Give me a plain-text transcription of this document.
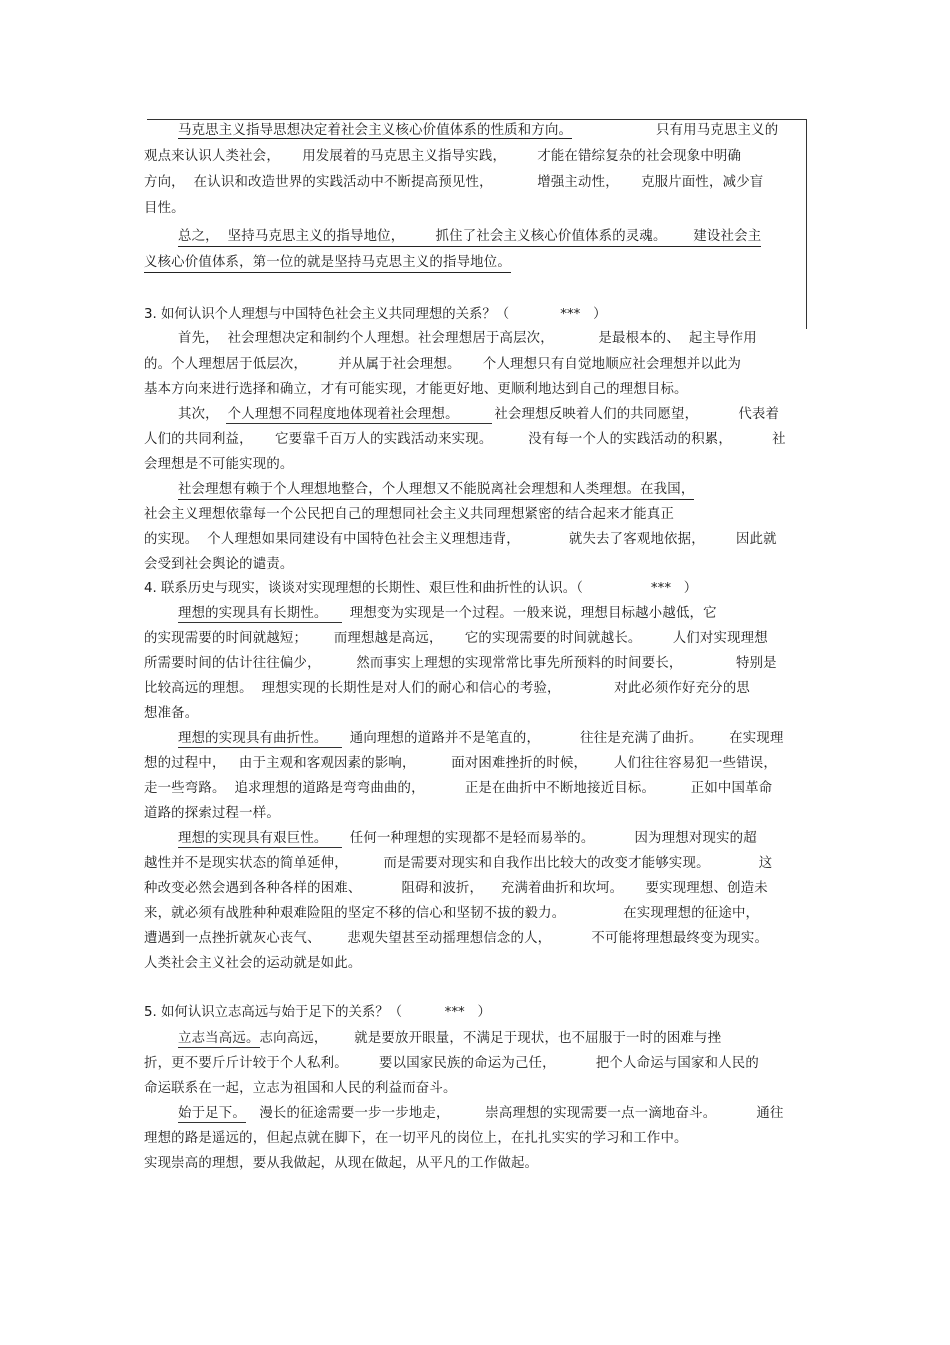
马克思主义指导思想决定着社会主义核心价值体系的性质和方向。	只有用马克思主义的
观点来认识人类社会，     用发展着的马克思主义指导实践，       才能在错综复杂的社会现象中明确
方向，  在认识和改造世界的实践活动中不断提高预见性，          增强主动性，     克服片面性，减少盲
目性。
总之，  坚持马克思主义的指导地位，       抓住了社会主义核心价值体系的灵魂。      建设社会主
义核心价值体系，第一位的就是坚持马克思主义的指导地位。
3. 如何认识个人理想与中国特色社会主义共同理想的关系？（            ***   ）
首先，  社会理想决定和制约个人理想。社会理想居于高层次，          是最根本的、  起主导作用
的。个人理想居于低层次，       并从属于社会理想。     个人理想只有自觉地顺应社会理想并以此为
基本方向来进行选择和确立，才有可能实现，才能更好地、更顺利地达到自己的理想目标。
其次，  个人理想不同程度地体现着社会理想。        社会理想反映着人们的共同愿望，         代表着
人们的共同利益，     它要靠千百万人的实践活动来实现。        没有每一个人的实践活动的积累，         社
会理想是不可能实现的。
社会理想有赖于个人理想地整合，个人理想又不能脱离社会理想和人类理想。在我国，
社会主义理想依靠每一个公民把自己的理想同社会主义共同理想紧密的结合起来才能真正
的实现。  个人理想如果同建设有中国特色社会主义理想违背，           就失去了客观地依据，       因此就
会受到社会舆论的谴责。
4. 联系历史与现实，谈谈对实现理想的长期性、艰巨性和曲折性的认识。（                ***   ）
理想的实现具有长期性。     理想变为实现是一个过程。一般来说，理想目标越小越低，它
的实现需要的时间就越短；      而理想越是高远，     它的实现需要的时间就越长。       人们对实现理想
所需要时间的估计往往偏少，        然而事实上理想的实现常常比事先所预料的时间要长，            特别是
比较高远的理想。  理想实现的长期性是对人们的耐心和信心的考验，            对此必须作好充分的思
想准备。
理想的实现具有曲折性。     通向理想的道路并不是笔直的，         往往是充满了曲折。      在实现理
想的过程中，   由于主观和客观因素的影响，        面对困难挫折的时候，      人们往往容易犯一些错误，
走一些弯路。  追求理想的道路是弯弯曲曲的，         正是在曲折中不断地接近目标。        正如中国革命
道路的探索过程一样。
理想的实现具有艰巨性。     任何一种理想的实现都不是轻而易举的。         因为理想对现实的超
越性并不是现实状态的简单延伸，        而是需要对现实和自我作出比较大的改变才能够实现。           这
种改变必然会遇到各种各样的困难、         阻碍和波折，    充满着曲折和坎坷。     要实现理想、创造未
来，就必须有战胜种种艰难险阻的坚定不移的信心和坚韧不拔的毅力。             在实现理想的征途中，
遭遇到一点挫折就灰心丧气、      悲观失望甚至动摇理想信念的人，         不可能将理想最终变为现实。
人类社会主义社会的运动就是如此。
5. 如何认识立志高远与始于足下的关系？（          ***   ）
立志当高远。志向高远，      就是要放开眼量，不满足于现状，也不屈服于一时的困难与挫
折，更不要斤斤计较于个人私利。       要以国家民族的命运为己任，         把个人命运与国家和人民的
命运联系在一起，立志为祖国和人民的利益而奋斗。
始于足下。   漫长的征途需要一步一步地走，        崇高理想的实现需要一点一滴地奋斗。         通往
理想的路是遥远的，但起点就在脚下，在一切平凡的岗位上，在扎扎实实的学习和工作中。
实现崇高的理想，要从我做起，从现在做起，从平凡的工作做起。
